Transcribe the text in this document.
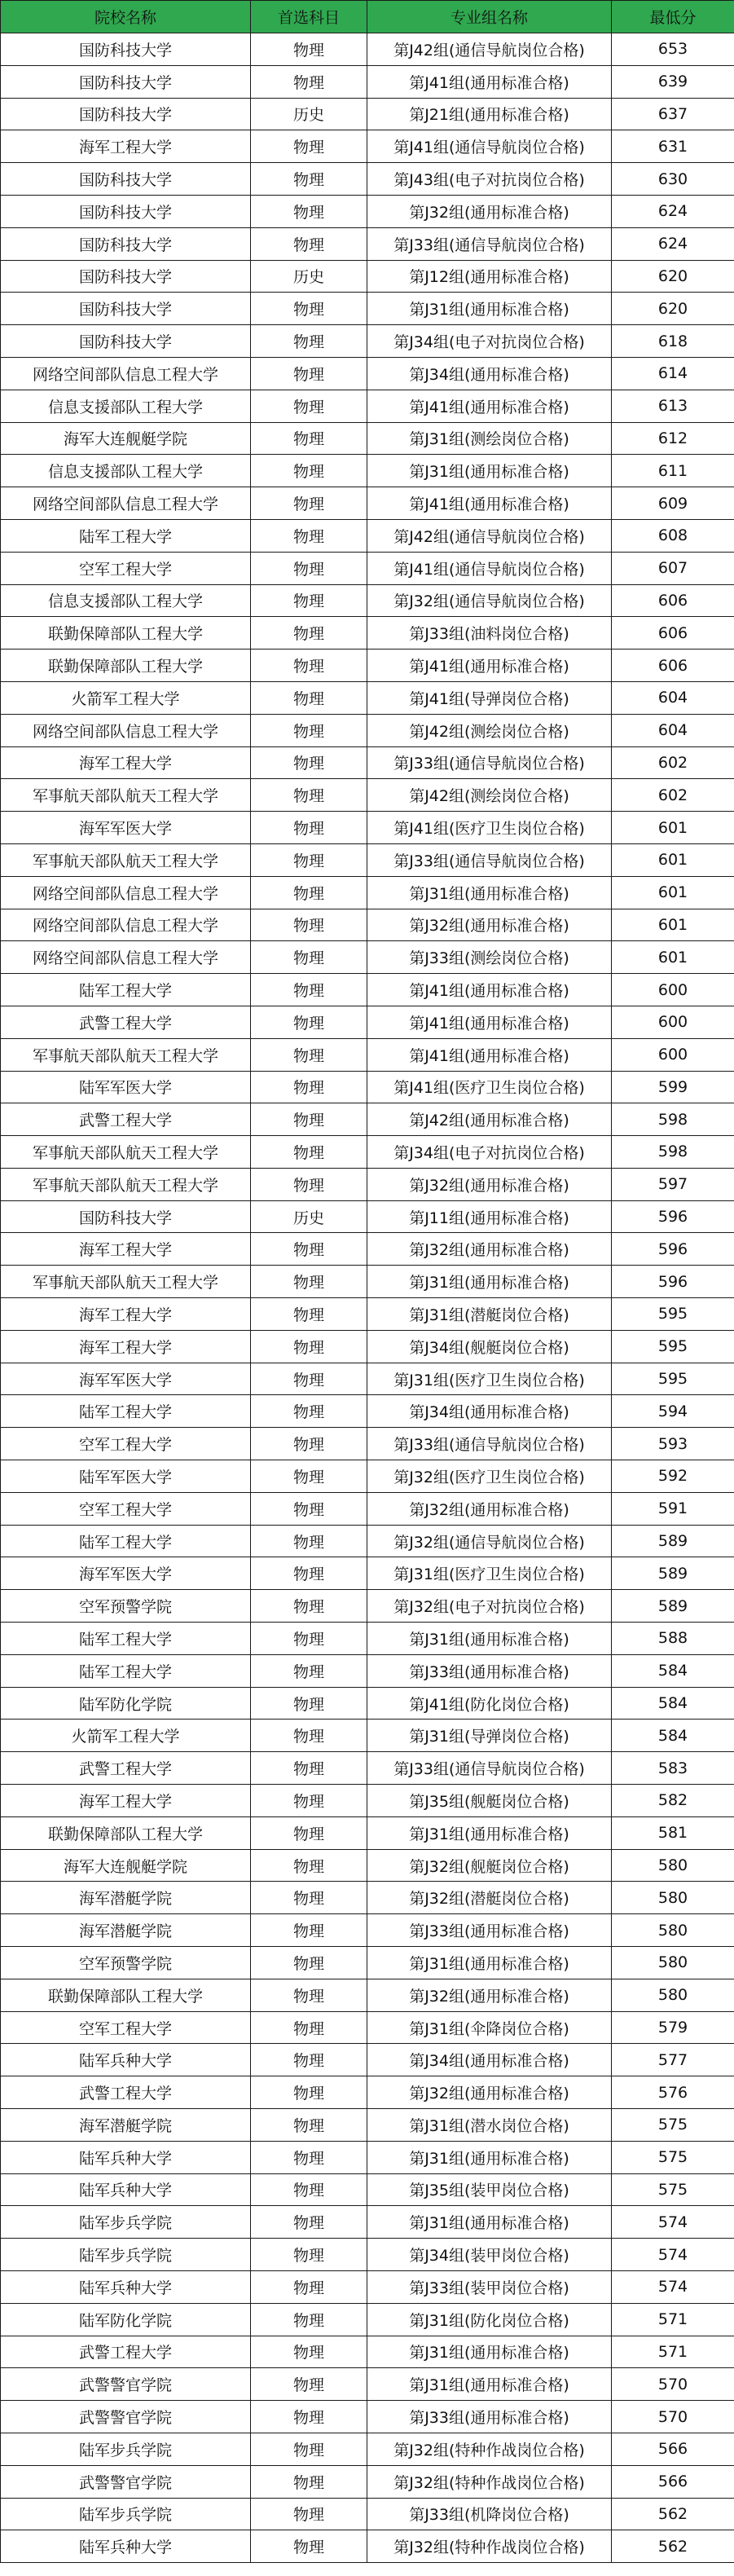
院校名称	首选科目	专业组名称	最低分
国防科技大学	物理	第J42组(通信导航岗位合格)	653
国防科技大学	物理	第J41组(通用标准合格)	639
国防科技大学	历史	第J21组(通用标准合格)	637
海军工程大学	物理	第J41组(通信导航岗位合格)	631
国防科技大学	物理	第J43组(电子对抗岗位合格)	630
国防科技大学	物理	第J32组(通用标准合格)	624
国防科技大学	物理	第J33组(通信导航岗位合格)	624
国防科技大学	历史	第J12组(通用标准合格)	620
国防科技大学	物理	第J31组(通用标准合格)	620
国防科技大学	物理	第J34组(电子对抗岗位合格)	618
网络空间部队信息工程大学	物理	第J34组(通用标准合格)	614
信息支援部队工程大学	物理	第J41组(通用标准合格)	613
海军大连舰艇学院	物理	第J31组(测绘岗位合格)	612
信息支援部队工程大学	物理	第J31组(通用标准合格)	611
网络空间部队信息工程大学	物理	第J41组(通用标准合格)	609
陆军工程大学	物理	第J42组(通信导航岗位合格)	608
空军工程大学	物理	第J41组(通信导航岗位合格)	607
信息支援部队工程大学	物理	第J32组(通信导航岗位合格)	606
联勤保障部队工程大学	物理	第J33组(油料岗位合格)	606
联勤保障部队工程大学	物理	第J41组(通用标准合格)	606
火箭军工程大学	物理	第J41组(导弹岗位合格)	604
网络空间部队信息工程大学	物理	第J42组(测绘岗位合格)	604
海军工程大学	物理	第J33组(通信导航岗位合格)	602
军事航天部队航天工程大学	物理	第J42组(测绘岗位合格)	602
海军军医大学	物理	第J41组(医疗卫生岗位合格)	601
军事航天部队航天工程大学	物理	第J33组(通信导航岗位合格)	601
网络空间部队信息工程大学	物理	第J31组(通用标准合格)	601
网络空间部队信息工程大学	物理	第J32组(通用标准合格)	601
网络空间部队信息工程大学	物理	第J33组(测绘岗位合格)	601
陆军工程大学	物理	第J41组(通用标准合格)	600
武警工程大学	物理	第J41组(通用标准合格)	600
军事航天部队航天工程大学	物理	第J41组(通用标准合格)	600
陆军军医大学	物理	第J41组(医疗卫生岗位合格)	599
武警工程大学	物理	第J42组(通用标准合格)	598
军事航天部队航天工程大学	物理	第J34组(电子对抗岗位合格)	598
军事航天部队航天工程大学	物理	第J32组(通用标准合格)	597
国防科技大学	历史	第J11组(通用标准合格)	596
海军工程大学	物理	第J32组(通用标准合格)	596
军事航天部队航天工程大学	物理	第J31组(通用标准合格)	596
海军工程大学	物理	第J31组(潜艇岗位合格)	595
海军工程大学	物理	第J34组(舰艇岗位合格)	595
海军军医大学	物理	第J31组(医疗卫生岗位合格)	595
陆军工程大学	物理	第J34组(通用标准合格)	594
空军工程大学	物理	第J33组(通信导航岗位合格)	593
陆军军医大学	物理	第J32组(医疗卫生岗位合格)	592
空军工程大学	物理	第J32组(通用标准合格)	591
陆军工程大学	物理	第J32组(通信导航岗位合格)	589
海军军医大学	物理	第J31组(医疗卫生岗位合格)	589
空军预警学院	物理	第J32组(电子对抗岗位合格)	589
陆军工程大学	物理	第J31组(通用标准合格)	588
陆军工程大学	物理	第J33组(通用标准合格)	584
陆军防化学院	物理	第J41组(防化岗位合格)	584
火箭军工程大学	物理	第J31组(导弹岗位合格)	584
武警工程大学	物理	第J33组(通信导航岗位合格)	583
海军工程大学	物理	第J35组(舰艇岗位合格)	582
联勤保障部队工程大学	物理	第J31组(通用标准合格)	581
海军大连舰艇学院	物理	第J32组(舰艇岗位合格)	580
海军潜艇学院	物理	第J32组(潜艇岗位合格)	580
海军潜艇学院	物理	第J33组(通用标准合格)	580
空军预警学院	物理	第J31组(通用标准合格)	580
联勤保障部队工程大学	物理	第J32组(通用标准合格)	580
空军工程大学	物理	第J31组(伞降岗位合格)	579
陆军兵种大学	物理	第J34组(通用标准合格)	577
武警工程大学	物理	第J32组(通用标准合格)	576
海军潜艇学院	物理	第J31组(潜水岗位合格)	575
陆军兵种大学	物理	第J31组(通用标准合格)	575
陆军兵种大学	物理	第J35组(装甲岗位合格)	575
陆军步兵学院	物理	第J31组(通用标准合格)	574
陆军步兵学院	物理	第J34组(装甲岗位合格)	574
陆军兵种大学	物理	第J33组(装甲岗位合格)	574
陆军防化学院	物理	第J31组(防化岗位合格)	571
武警工程大学	物理	第J31组(通用标准合格)	571
武警警官学院	物理	第J31组(通用标准合格)	570
武警警官学院	物理	第J33组(通用标准合格)	570
陆军步兵学院	物理	第J32组(特种作战岗位合格)	566
武警警官学院	物理	第J32组(特种作战岗位合格)	566
陆军步兵学院	物理	第J33组(机降岗位合格)	562
陆军兵种大学	物理	第J32组(特种作战岗位合格)	562
